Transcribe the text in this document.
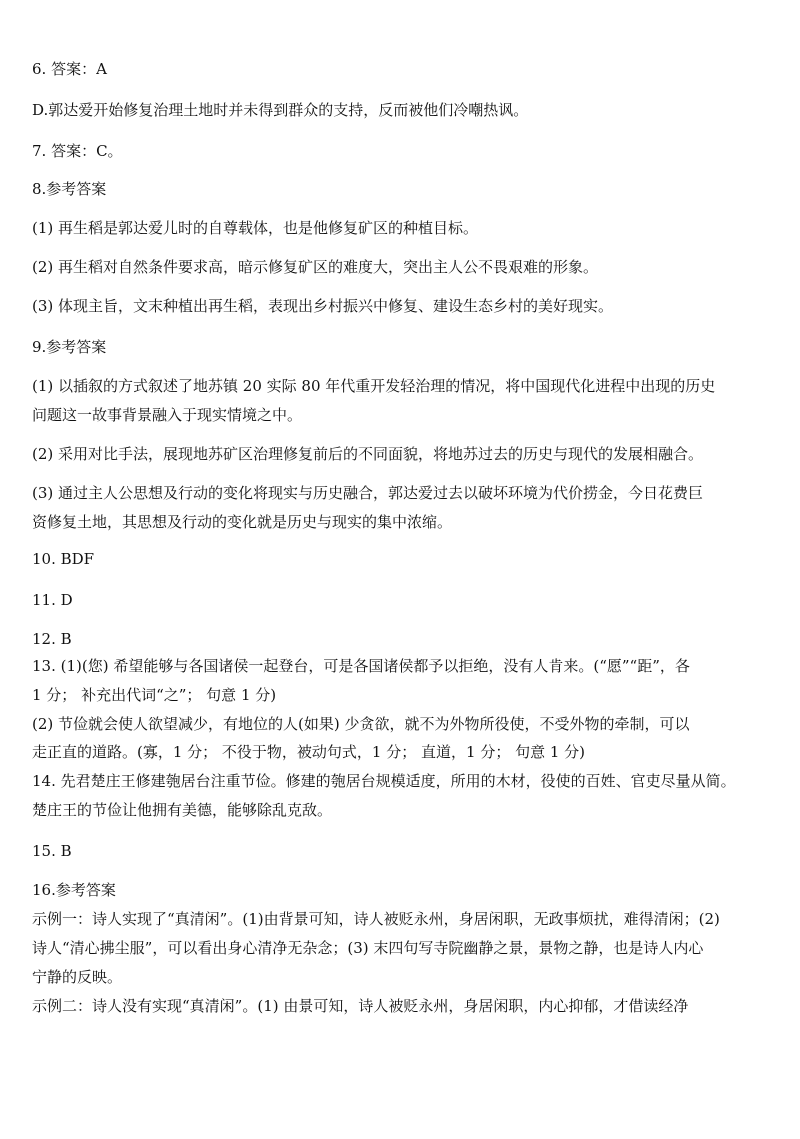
6. 答案：A
D.郭达爱开始修复治理土地时并未得到群众的支持，反而被他们冷嘲热讽。
7. 答案：C。
8.参考答案
(1) 再生稻是郭达爱儿时的自尊载体，也是他修复矿区的种植目标。
(2) 再生稻对自然条件要求高，暗示修复矿区的难度大，突出主人公不畏艰难的形象。
(3) 体现主旨，文末种植出再生稻，表现出乡村振兴中修复、建设生态乡村的美好现实。
9.参考答案
(1) 以插叙的方式叙述了地苏镇 20 实际 80 年代重开发轻治理的情况，将中国现代化进程中出现的历史
问题这一故事背景融入于现实情境之中。
(2) 采用对比手法，展现地苏矿区治理修复前后的不同面貌，将地苏过去的历史与现代的发展相融合。
(3) 通过主人公思想及行动的变化将现实与历史融合，郭达爱过去以破坏环境为代价捞金，今日花费巨
资修复土地，其思想及行动的变化就是历史与现实的集中浓缩。
10. BDF
11. D
12. B
13. (1)(您) 希望能够与各国诸侯一起登台，可是各国诸侯都予以拒绝，没有人肯来。(“愿”“距”，各
1 分； 补充出代词“之”； 句意 1 分)
(2) 节俭就会使人欲望减少，有地位的人(如果) 少贪欲，就不为外物所役使，不受外物的牵制，可以
走正直的道路。(寡，1 分； 不役于物，被动句式，1 分； 直道，1 分； 句意 1 分)
14. 先君楚庄王修建匏居台注重节俭。修建的匏居台规模适度，所用的木材，役使的百姓、官吏尽量从简。
楚庄王的节俭让他拥有美德，能够除乱克敌。
15. B
16.参考答案
示例一：诗人实现了“真清闲”。(1)由背景可知，诗人被贬永州，身居闲职，无政事烦扰，难得清闲；(2)
诗人“清心拂尘服”，可以看出身心清净无杂念；(3) 末四句写寺院幽静之景，景物之静，也是诗人内心
宁静的反映。
示例二：诗人没有实现“真清闲”。(1) 由景可知，诗人被贬永州，身居闲职，内心抑郁，才借读经净
